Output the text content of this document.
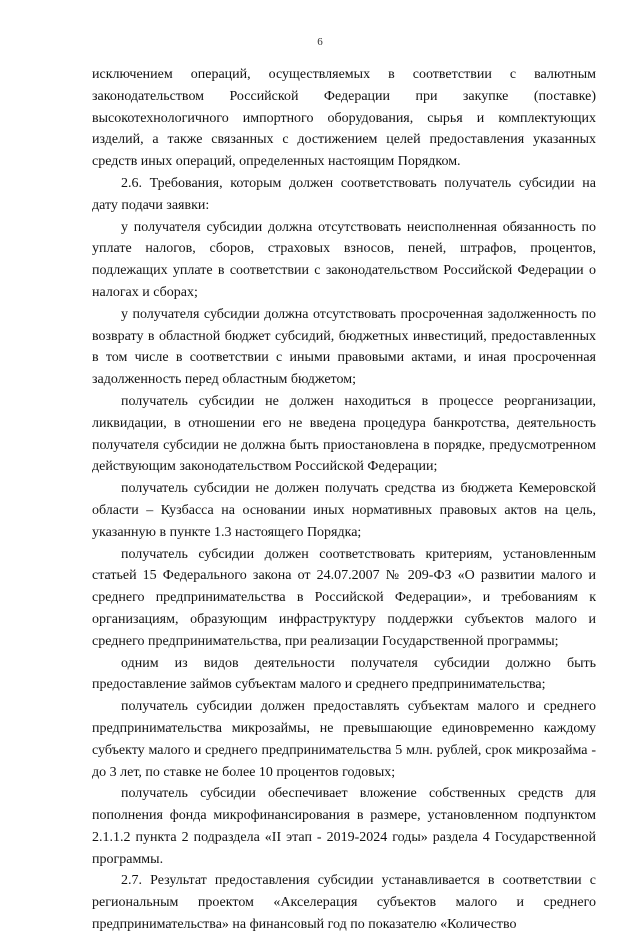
6

исключением операций, осуществляемых в соответствии с валютным законодательством Российской Федерации при закупке (поставке) высокотехнологичного импортного оборудования, сырья и комплектующих изделий, а также связанных с достижением целей предоставления указанных средств иных операций, определенных настоящим Порядком.

2.6. Требования, которым должен соответствовать получатель субсидии на дату подачи заявки:

у получателя субсидии должна отсутствовать неисполненная обязанность по уплате налогов, сборов, страховых взносов, пеней, штрафов, процентов, подлежащих уплате в соответствии с законодательством Российской Федерации о налогах и сборах;

у получателя субсидии должна отсутствовать просроченная задолженность по возврату в областной бюджет субсидий, бюджетных инвестиций, предоставленных в том числе в соответствии с иными правовыми актами, и иная просроченная задолженность перед областным бюджетом;

получатель субсидии не должен находиться в процессе реорганизации, ликвидации, в отношении его не введена процедура банкротства, деятельность получателя субсидии не должна быть приостановлена в порядке, предусмотренном действующим законодательством Российской Федерации;

получатель субсидии не должен получать средства из бюджета Кемеровской области – Кузбасса на основании иных нормативных правовых актов на цель, указанную в пункте 1.3 настоящего Порядка;

получатель субсидии должен соответствовать критериям, установленным статьей 15 Федерального закона от 24.07.2007 № 209-ФЗ «О развитии малого и среднего предпринимательства в Российской Федерации», и требованиям к организациям, образующим инфраструктуру поддержки субъектов малого и среднего предпринимательства, при реализации Государственной программы;

одним из видов деятельности получателя субсидии должно быть предоставление займов субъектам малого и среднего предпринимательства;

получатель субсидии должен предоставлять субъектам малого и среднего предпринимательства микрозаймы, не превышающие единовременно каждому субъекту малого и среднего предпринимательства 5 млн. рублей, срок микрозайма - до 3 лет, по ставке не более 10 процентов годовых;

получатель субсидии обеспечивает вложение собственных средств для пополнения фонда микрофинансирования в размере, установленном подпунктом 2.1.1.2 пункта 2 подраздела «II этап - 2019-2024 годы» раздела 4 Государственной программы.

2.7. Результат предоставления субсидии устанавливается в соответствии с региональным проектом «Акселерация субъектов малого и среднего предпринимательства» на финансовый год по показателю «Количество
